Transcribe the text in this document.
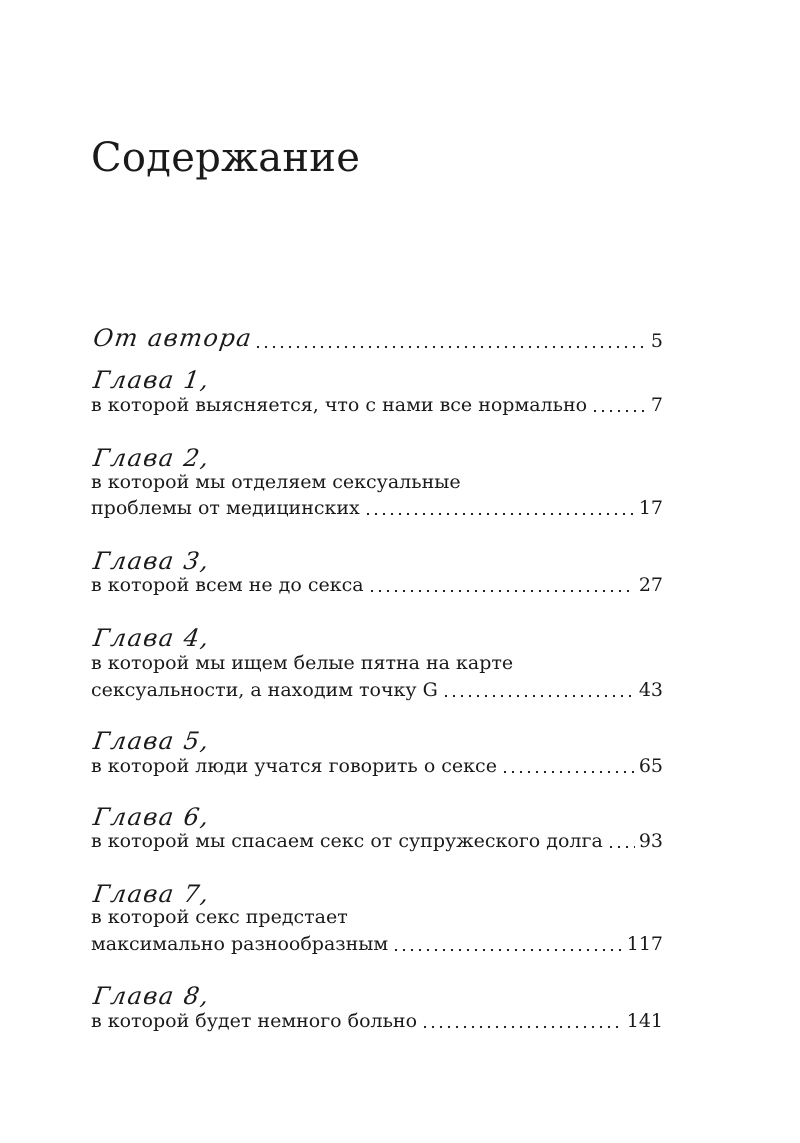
Содержание
От автора	5
Глава 1,
в которой выясняется, что с нами все нормально	7
Глава 2,
в которой мы отделяем сексуальные
проблемы от медицинских	17
Глава 3,
в которой всем не до секса	27
Глава 4,
в которой мы ищем белые пятна на карте
сексуальности, а находим точку G	43
Глава 5,
в которой люди учатся говорить о сексе	65
Глава 6,
в которой мы спасаем секс от супружеского долга 93
Глава 7,
в которой секс предстает
максимально разнообразным	117
Глава 8,
в которой будет немного больно	141
